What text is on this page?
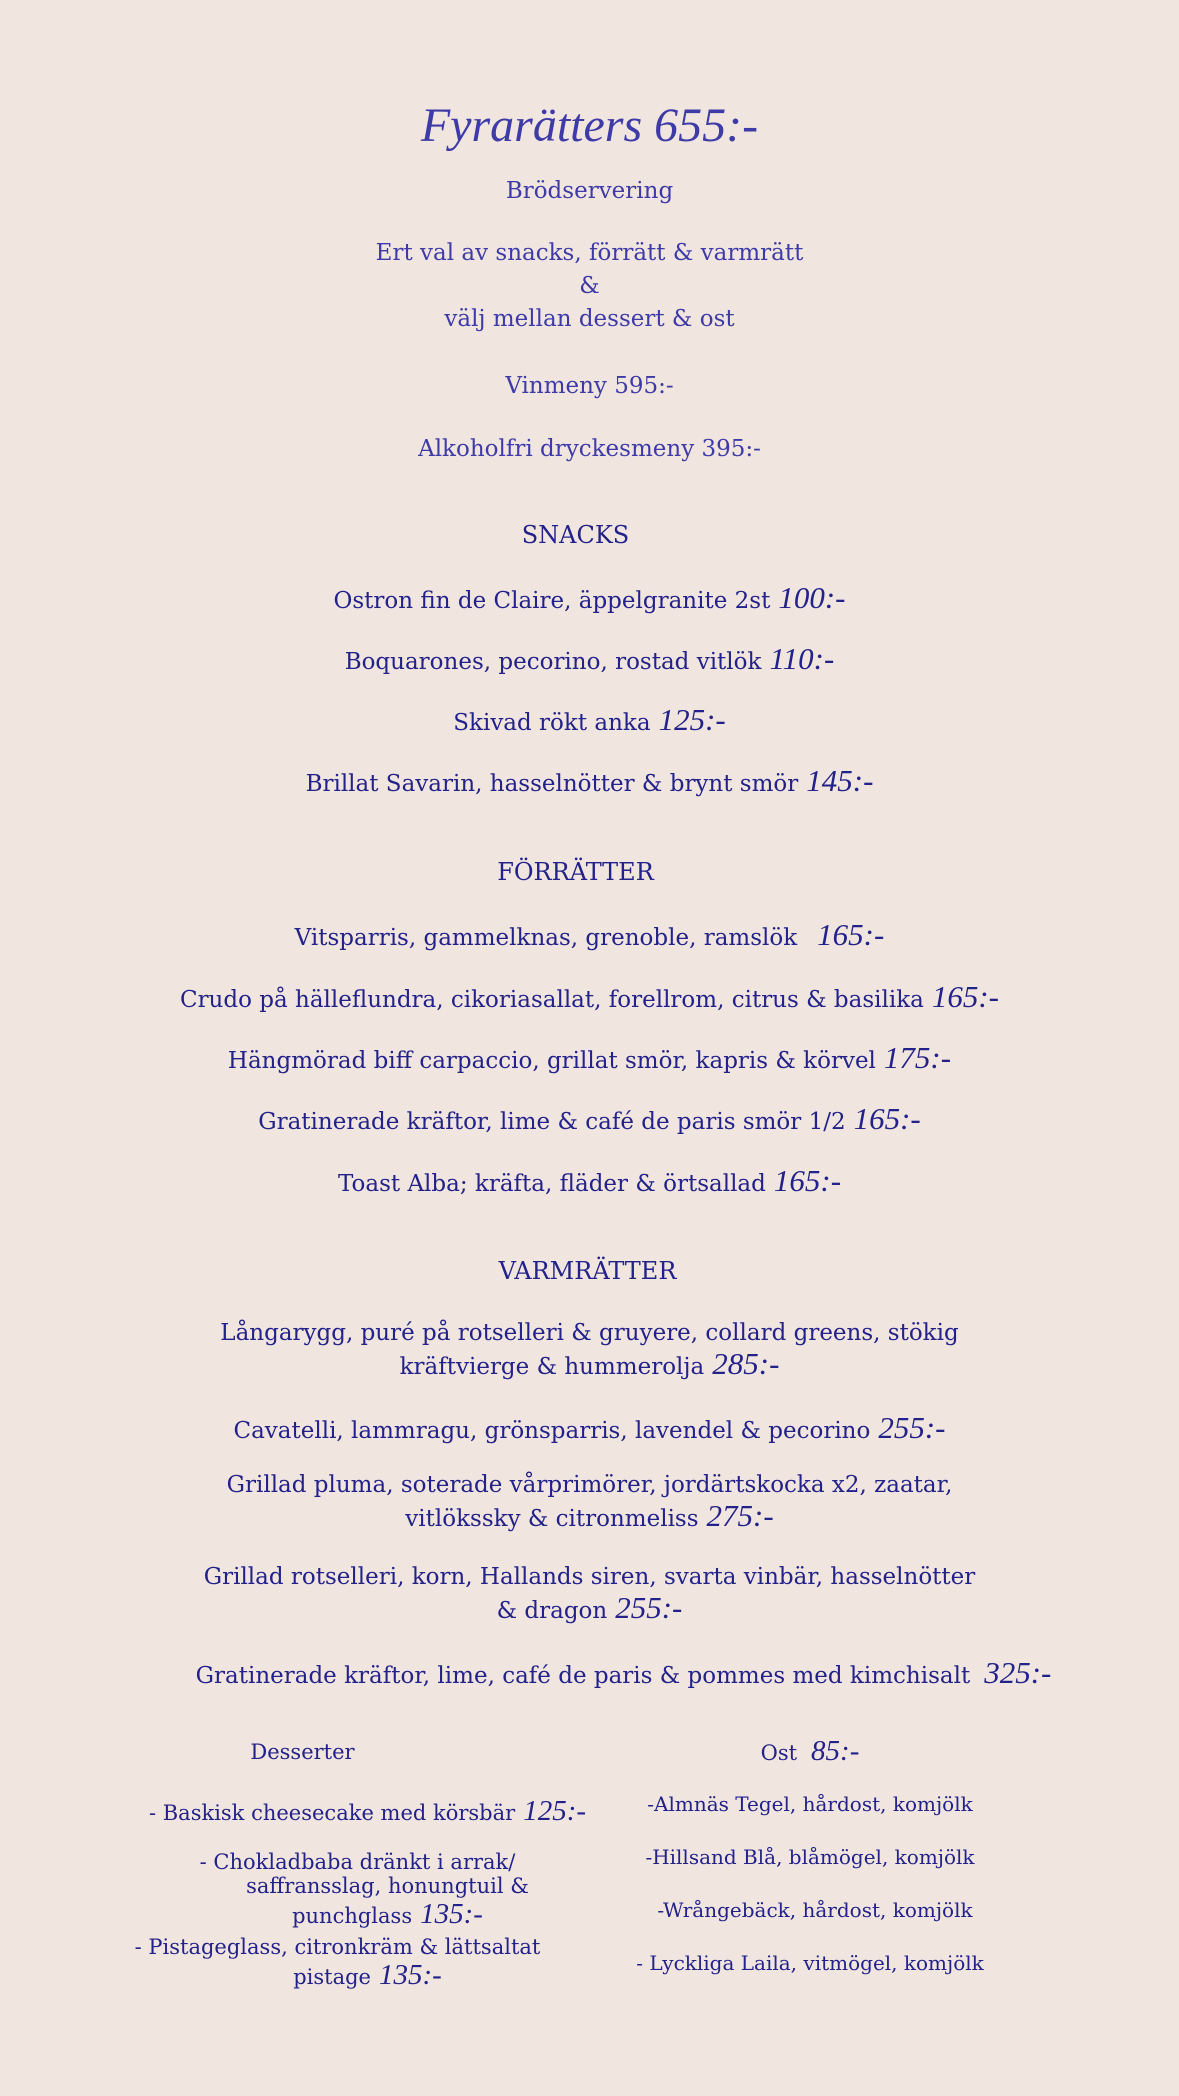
Fyrarätters 655:-
Brödservering
Ert val av snacks, förrätt & varmrätt
&
välj mellan dessert & ost
Vinmeny 595:-
Alkoholfri dryckesmeny 395:-
SNACKS
Ostron fin de Claire, äppelgranite 2st 100:-
Boquarones, pecorino, rostad vitlök 110:-
Skivad rökt anka 125:-
Brillat Savarin, hasselnötter & brynt smör 145:-
FÖRRÄTTER
Vitsparris, gammelknas, grenoble, ramslök 165:-
Crudo på hälleflundra, cikoriasallat, forellrom, citrus & basilika 165:-
Hängmörad biff carpaccio, grillat smör, kapris & körvel 175:-
Gratinerade kräftor, lime & café de paris smör 1/2 165:-
Toast Alba; kräfta, fläder & örtsallad 165:-
VARMRÄTTER
Långarygg, puré på rotselleri & gruyere, collard greens, stökig
kräftvierge & hummerolja 285:-
Cavatelli, lammragu, grönsparris, lavendel & pecorino 255:-
Grillad pluma, soterade vårprimörer, jordärtskocka x2, zaatar,
vitlökssky & citronmeliss 275:-
Grillad rotselleri, korn, Hallands siren, svarta vinbär, hasselnötter
& dragon 255:-
Gratinerade kräftor, lime, café de paris & pommes med kimchisalt 325:-
Desserter
- Baskisk cheesecake med körsbär 125:-
- Chokladbaba dränkt i arrak/
saffransslag, honungtuil & punchglass 135:-
- Pistageglass, citronkräm & lättsaltat
pistage 135:-
Ost 85:-
-Almnäs Tegel, hårdost, komjölk
-Hillsand Blå, blåmögel, komjölk
-Wrångebäck, hårdost, komjölk
- Lyckliga Laila, vitmögel, komjölk
